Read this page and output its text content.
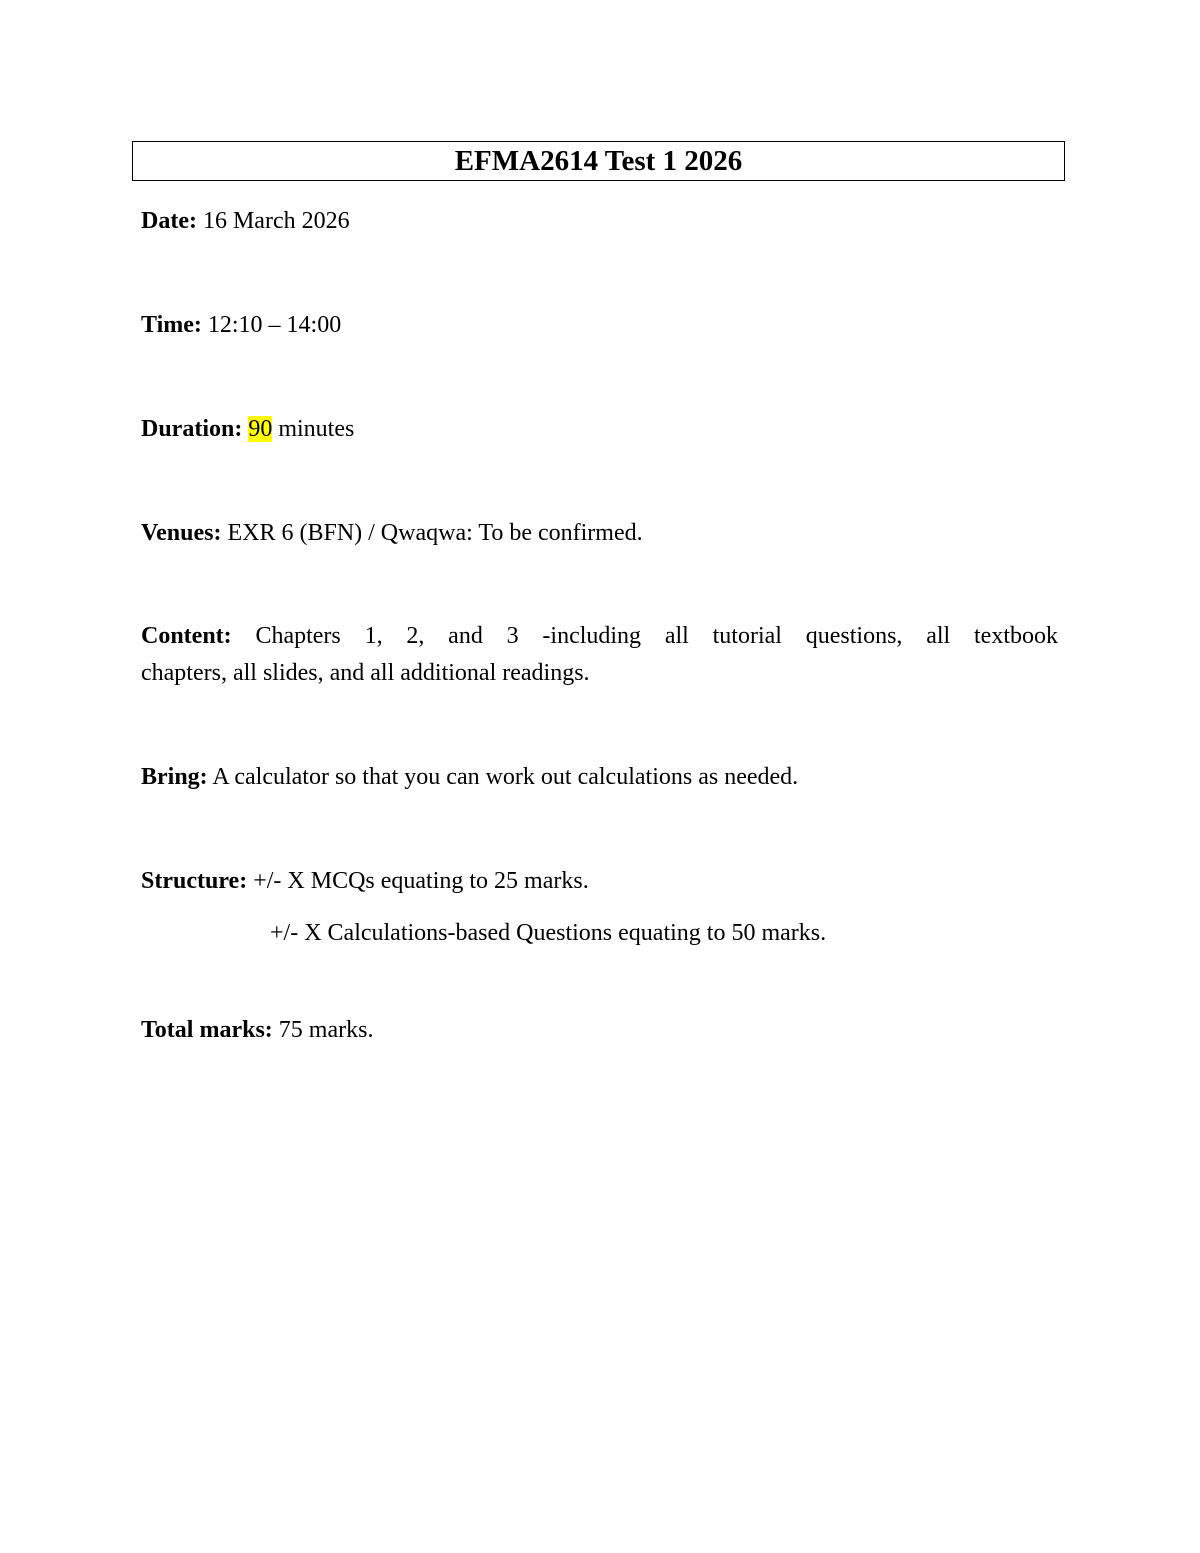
EFMA2614 Test 1 2026
Date: 16 March 2026
Time: 12:10 – 14:00
Duration: 90 minutes
Venues: EXR 6 (BFN) / Qwaqwa: To be confirmed.
Content: Chapters 1, 2, and 3 -including all tutorial questions, all textbook
chapters, all slides, and all additional readings.
Bring: A calculator so that you can work out calculations as needed.
Structure: +/- X MCQs equating to 25 marks.
+/- X Calculations-based Questions equating to 50 marks.
Total marks: 75 marks.
